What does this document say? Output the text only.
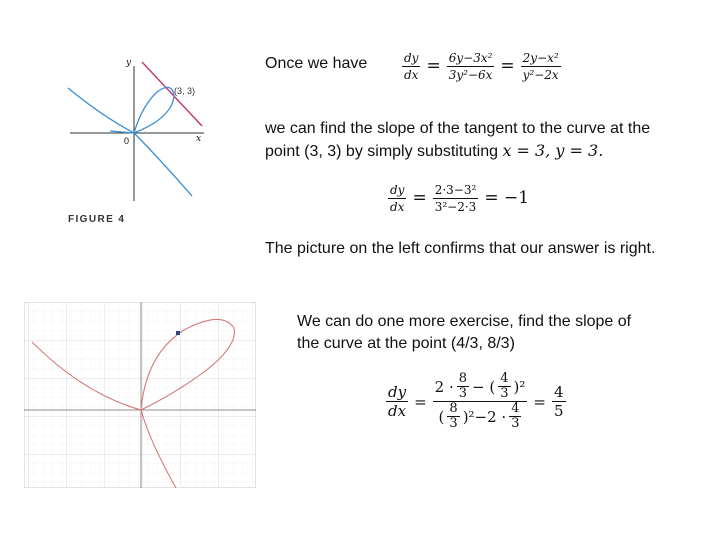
y
x
0
(3, 3)
FIGURE 4
Once we have	$\frac{dy}{dx} = \frac{\text{6y−3x²}}{\text{3y²−6x}} = \frac{\text{2y−x²}}{\text{y²−2x}}$
we can find the slope of the tangent to the curve at the
point (3, 3) by simply substituting x = 3, y = 3.
$\frac{dy}{dx} = \frac{\text{2·3−3²}}{\text{3²−2·3}} = -1$
The picture on the left confirms that our answer is right.
We can do one more exercise, find the slope of
the curve at the point (4/3, 8/3)
$\frac{dy}{dx} = \frac{2 \cdot \frac{8}{3} - ( \frac{4}{3} )^2}{( \frac{8}{3} )^2-2 \cdot \frac{4}{3}} = \frac{4}{5}$
